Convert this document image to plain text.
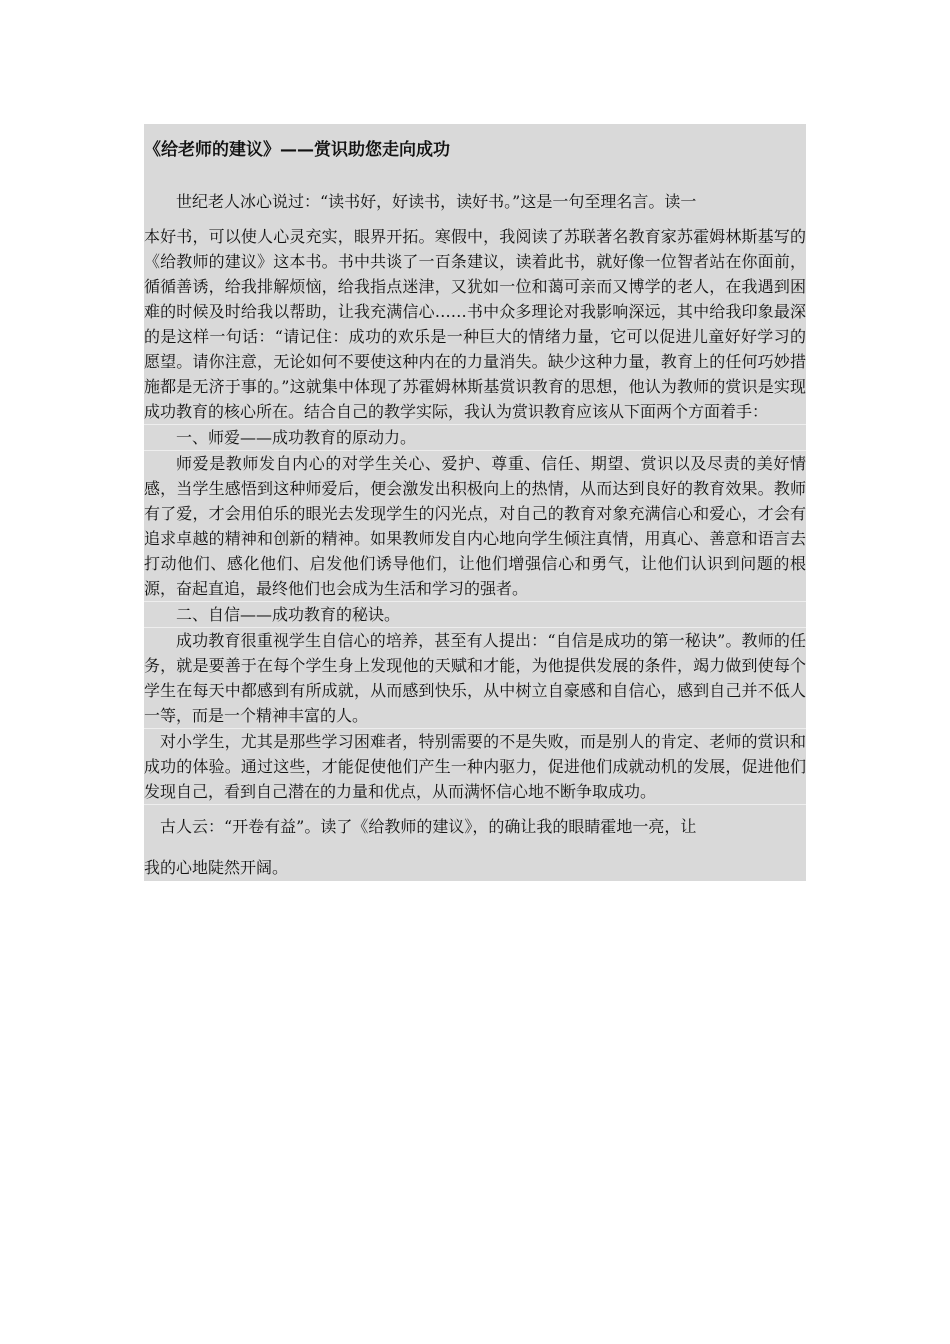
《给老师的建议》——赏识助您走向成功

世纪老人冰心说过：“读书好，好读书，读好书。”这是一句至理名言。读一
本好书，可以使人心灵充实，眼界开拓。寒假中，我阅读了苏联著名教育家苏霍姆林斯基写的《给教师的建议》这本书。书中共谈了一百条建议，读着此书，就好像一位智者站在你面前，循循善诱，给我排解烦恼，给我指点迷津，又犹如一位和蔼可亲而又博学的老人，在我遇到困难的时候及时给我以帮助，让我充满信心……书中众多理论对我影响深远，其中给我印象最深的是这样一句话：“请记住：成功的欢乐是一种巨大的情绪力量，它可以促进儿童好好学习的愿望。请你注意，无论如何不要使这种内在的力量消失。缺少这种力量，教育上的任何巧妙措施都是无济于事的。”这就集中体现了苏霍姆林斯基赏识教育的思想，他认为教师的赏识是实现成功教育的核心所在。结合自己的教学实际，我认为赏识教育应该从下面两个方面着手：

一、师爱——成功教育的原动力。

师爱是教师发自内心的对学生关心、爱护、尊重、信任、期望、赏识以及尽责的美好情感，当学生感悟到这种师爱后，便会激发出积极向上的热情，从而达到良好的教育效果。教师有了爱，才会用伯乐的眼光去发现学生的闪光点，对自己的教育对象充满信心和爱心，才会有追求卓越的精神和创新的精神。如果教师发自内心地向学生倾注真情，用真心、善意和语言去打动他们、感化他们、启发他们诱导他们，让他们增强信心和勇气，让他们认识到问题的根源，奋起直追，最终他们也会成为生活和学习的强者。

二、自信——成功教育的秘诀。

成功教育很重视学生自信心的培养，甚至有人提出：“自信是成功的第一秘诀”。教师的任务，就是要善于在每个学生身上发现他的天赋和才能，为他提供发展的条件，竭力做到使每个学生在每天中都感到有所成就，从而感到快乐，从中树立自豪感和自信心，感到自己并不低人一等，而是一个精神丰富的人。

对小学生，尤其是那些学习困难者，特别需要的不是失败，而是别人的肯定、老师的赏识和成功的体验。通过这些，才能促使他们产生一种内驱力，促进他们成就动机的发展，促进他们发现自己，看到自己潜在的力量和优点，从而满怀信心地不断争取成功。

古人云：“开卷有益”。读了《给教师的建议》，的确让我的眼睛霍地一亮，让
我的心地陡然开阔。
